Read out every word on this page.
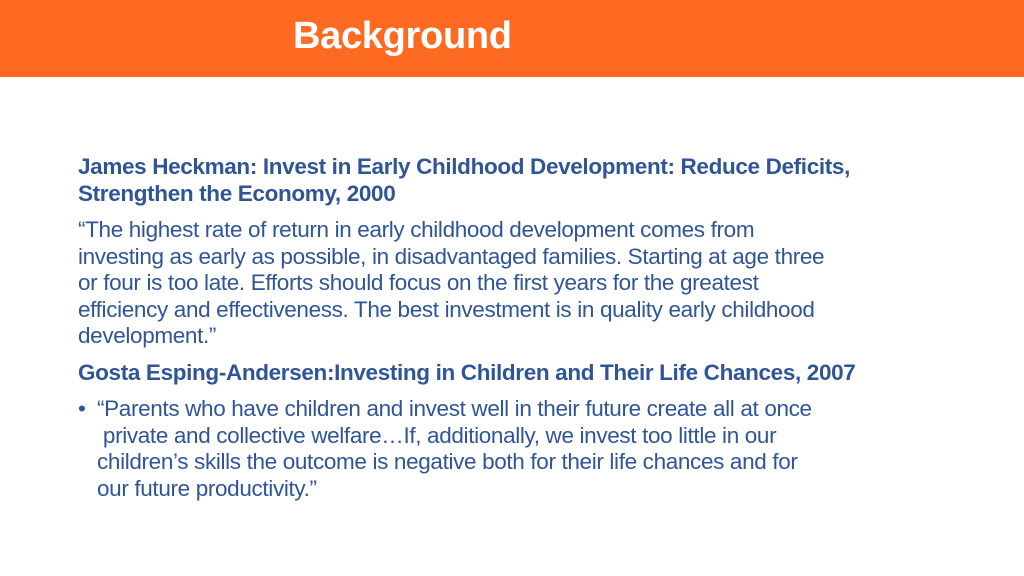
Background
James Heckman: Invest in Early Childhood Development: Reduce Deficits,
Strengthen the Economy, 2000
“The highest rate of return in early childhood development comes from
investing as early as possible, in disadvantaged families. Starting at age three
or four is too late. Efforts should focus on the first years for the greatest
efficiency and effectiveness. The best investment is in quality early childhood
development.”
Gosta Esping-Andersen:Investing in Children and Their Life Chances, 2007
• “Parents who have children and invest well in their future create all at once
private and collective welfare…If, additionally, we invest too little in our
children’s skills the outcome is negative both for their life chances and for
our future productivity.”
